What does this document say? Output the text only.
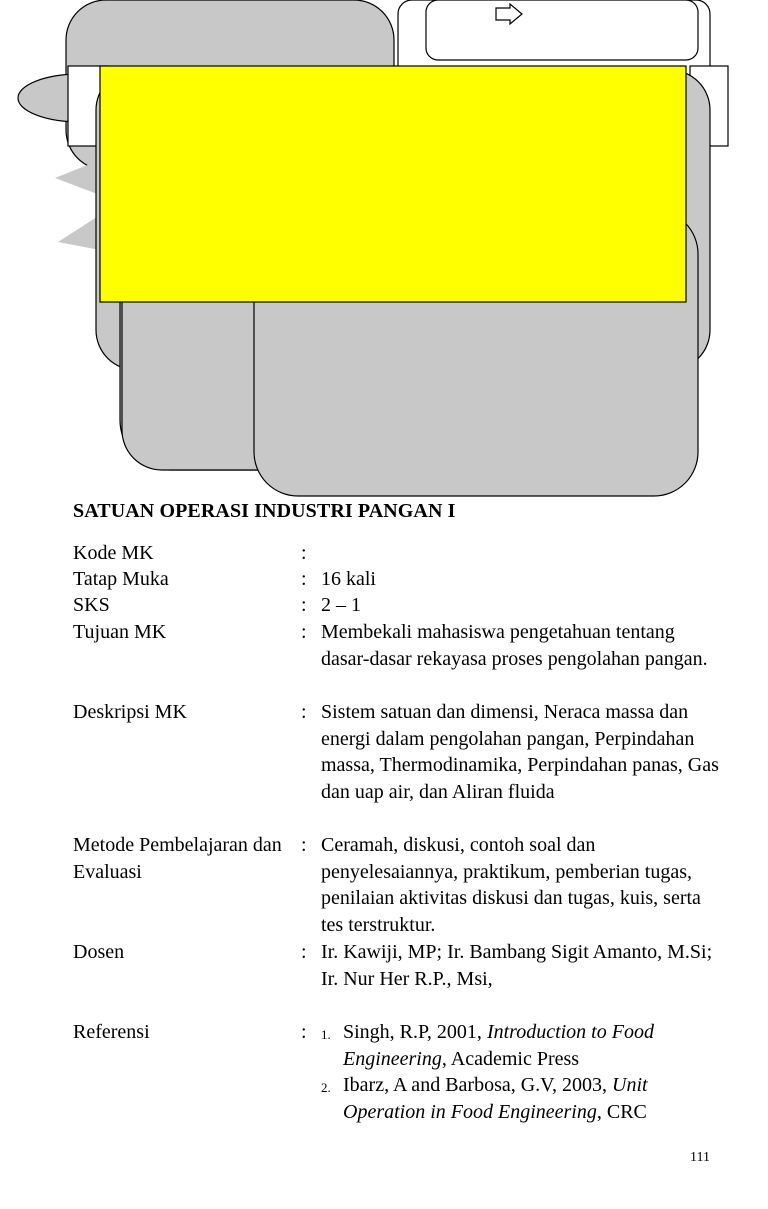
SATUAN OPERASI INDUSTRI PANGAN I
Kode MK	:
Tatap Muka	: 16 kali
SKS	: 2 – 1
Tujuan MK	: Membekali mahasiswa pengetahuan tentang dasar-dasar rekayasa proses pengolahan pangan.
Deskripsi MK	: Sistem satuan dan dimensi, Neraca massa dan energi dalam pengolahan pangan, Perpindahan massa, Thermodinamika, Perpindahan panas, Gas dan uap air, dan Aliran fluida
Metode Pembelajaran dan Evaluasi
: Ceramah, diskusi, contoh soal dan penyelesaiannya, praktikum, pemberian tugas, penilaian aktivitas diskusi dan tugas, kuis, serta tes terstruktur.
Dosen	: Ir. Kawiji, MP; Ir. Bambang Sigit Amanto, M.Si; Ir. Nur Her R.P., Msi,
Referensi	: 1. Singh, R.P, 2001, Introduction to Food Engineering, Academic Press
2. Ibarz, A and Barbosa, G.V, 2003, Unit Operation in Food Engineering, CRC
111
